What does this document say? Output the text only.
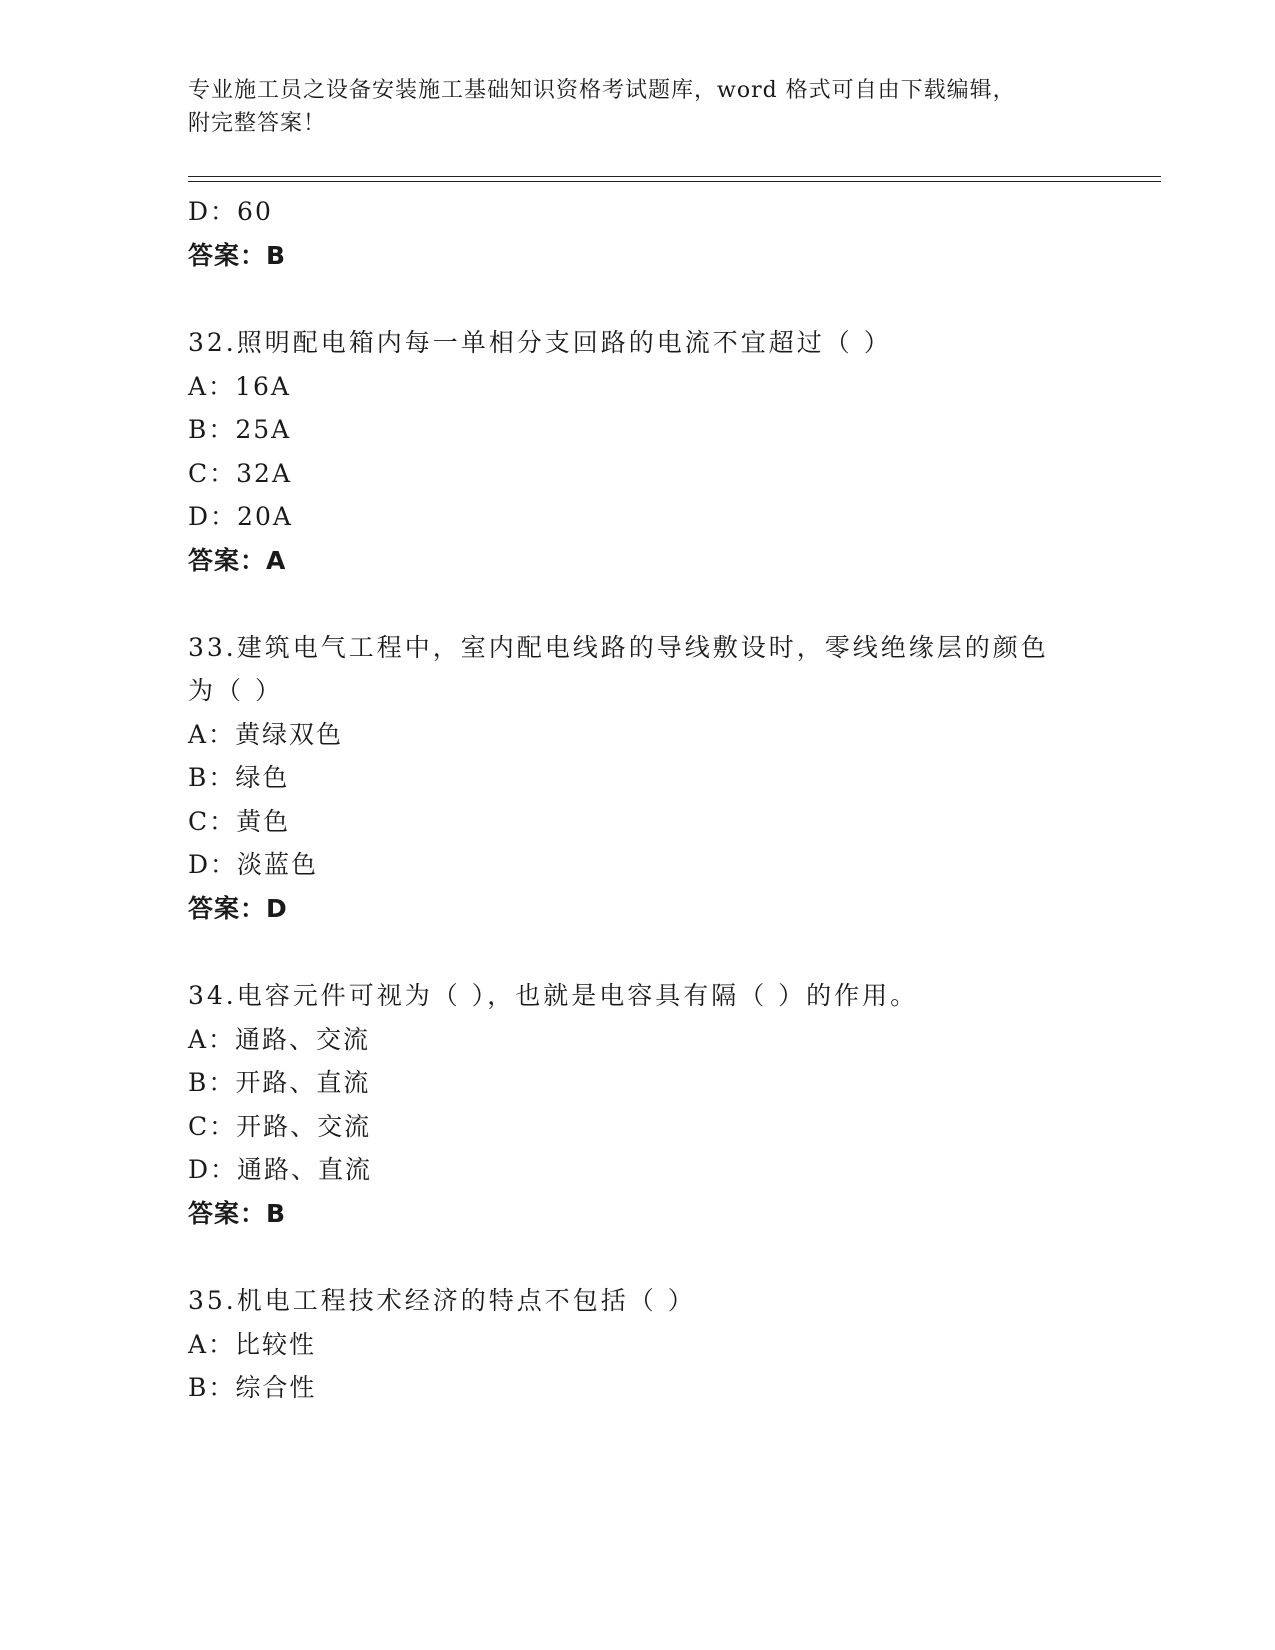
专业施工员之设备安装施工基础知识资格考试题库，word 格式可自由下载编辑，
附完整答案！
D：60
答案：B
32.照明配电箱内每一单相分支回路的电流不宜超过（ ）
A：16A
B：25A
C：32A
D：20A
答案：A
33.建筑电气工程中，室内配电线路的导线敷设时，零线绝缘层的颜色
为（ ）
A：黄绿双色
B：绿色
C：黄色
D：淡蓝色
答案：D
34.电容元件可视为（ ），也就是电容具有隔（ ）的作用。
A：通路、交流
B：开路、直流
C：开路、交流
D：通路、直流
答案：B
35.机电工程技术经济的特点不包括（ ）
A：比较性
B：综合性
